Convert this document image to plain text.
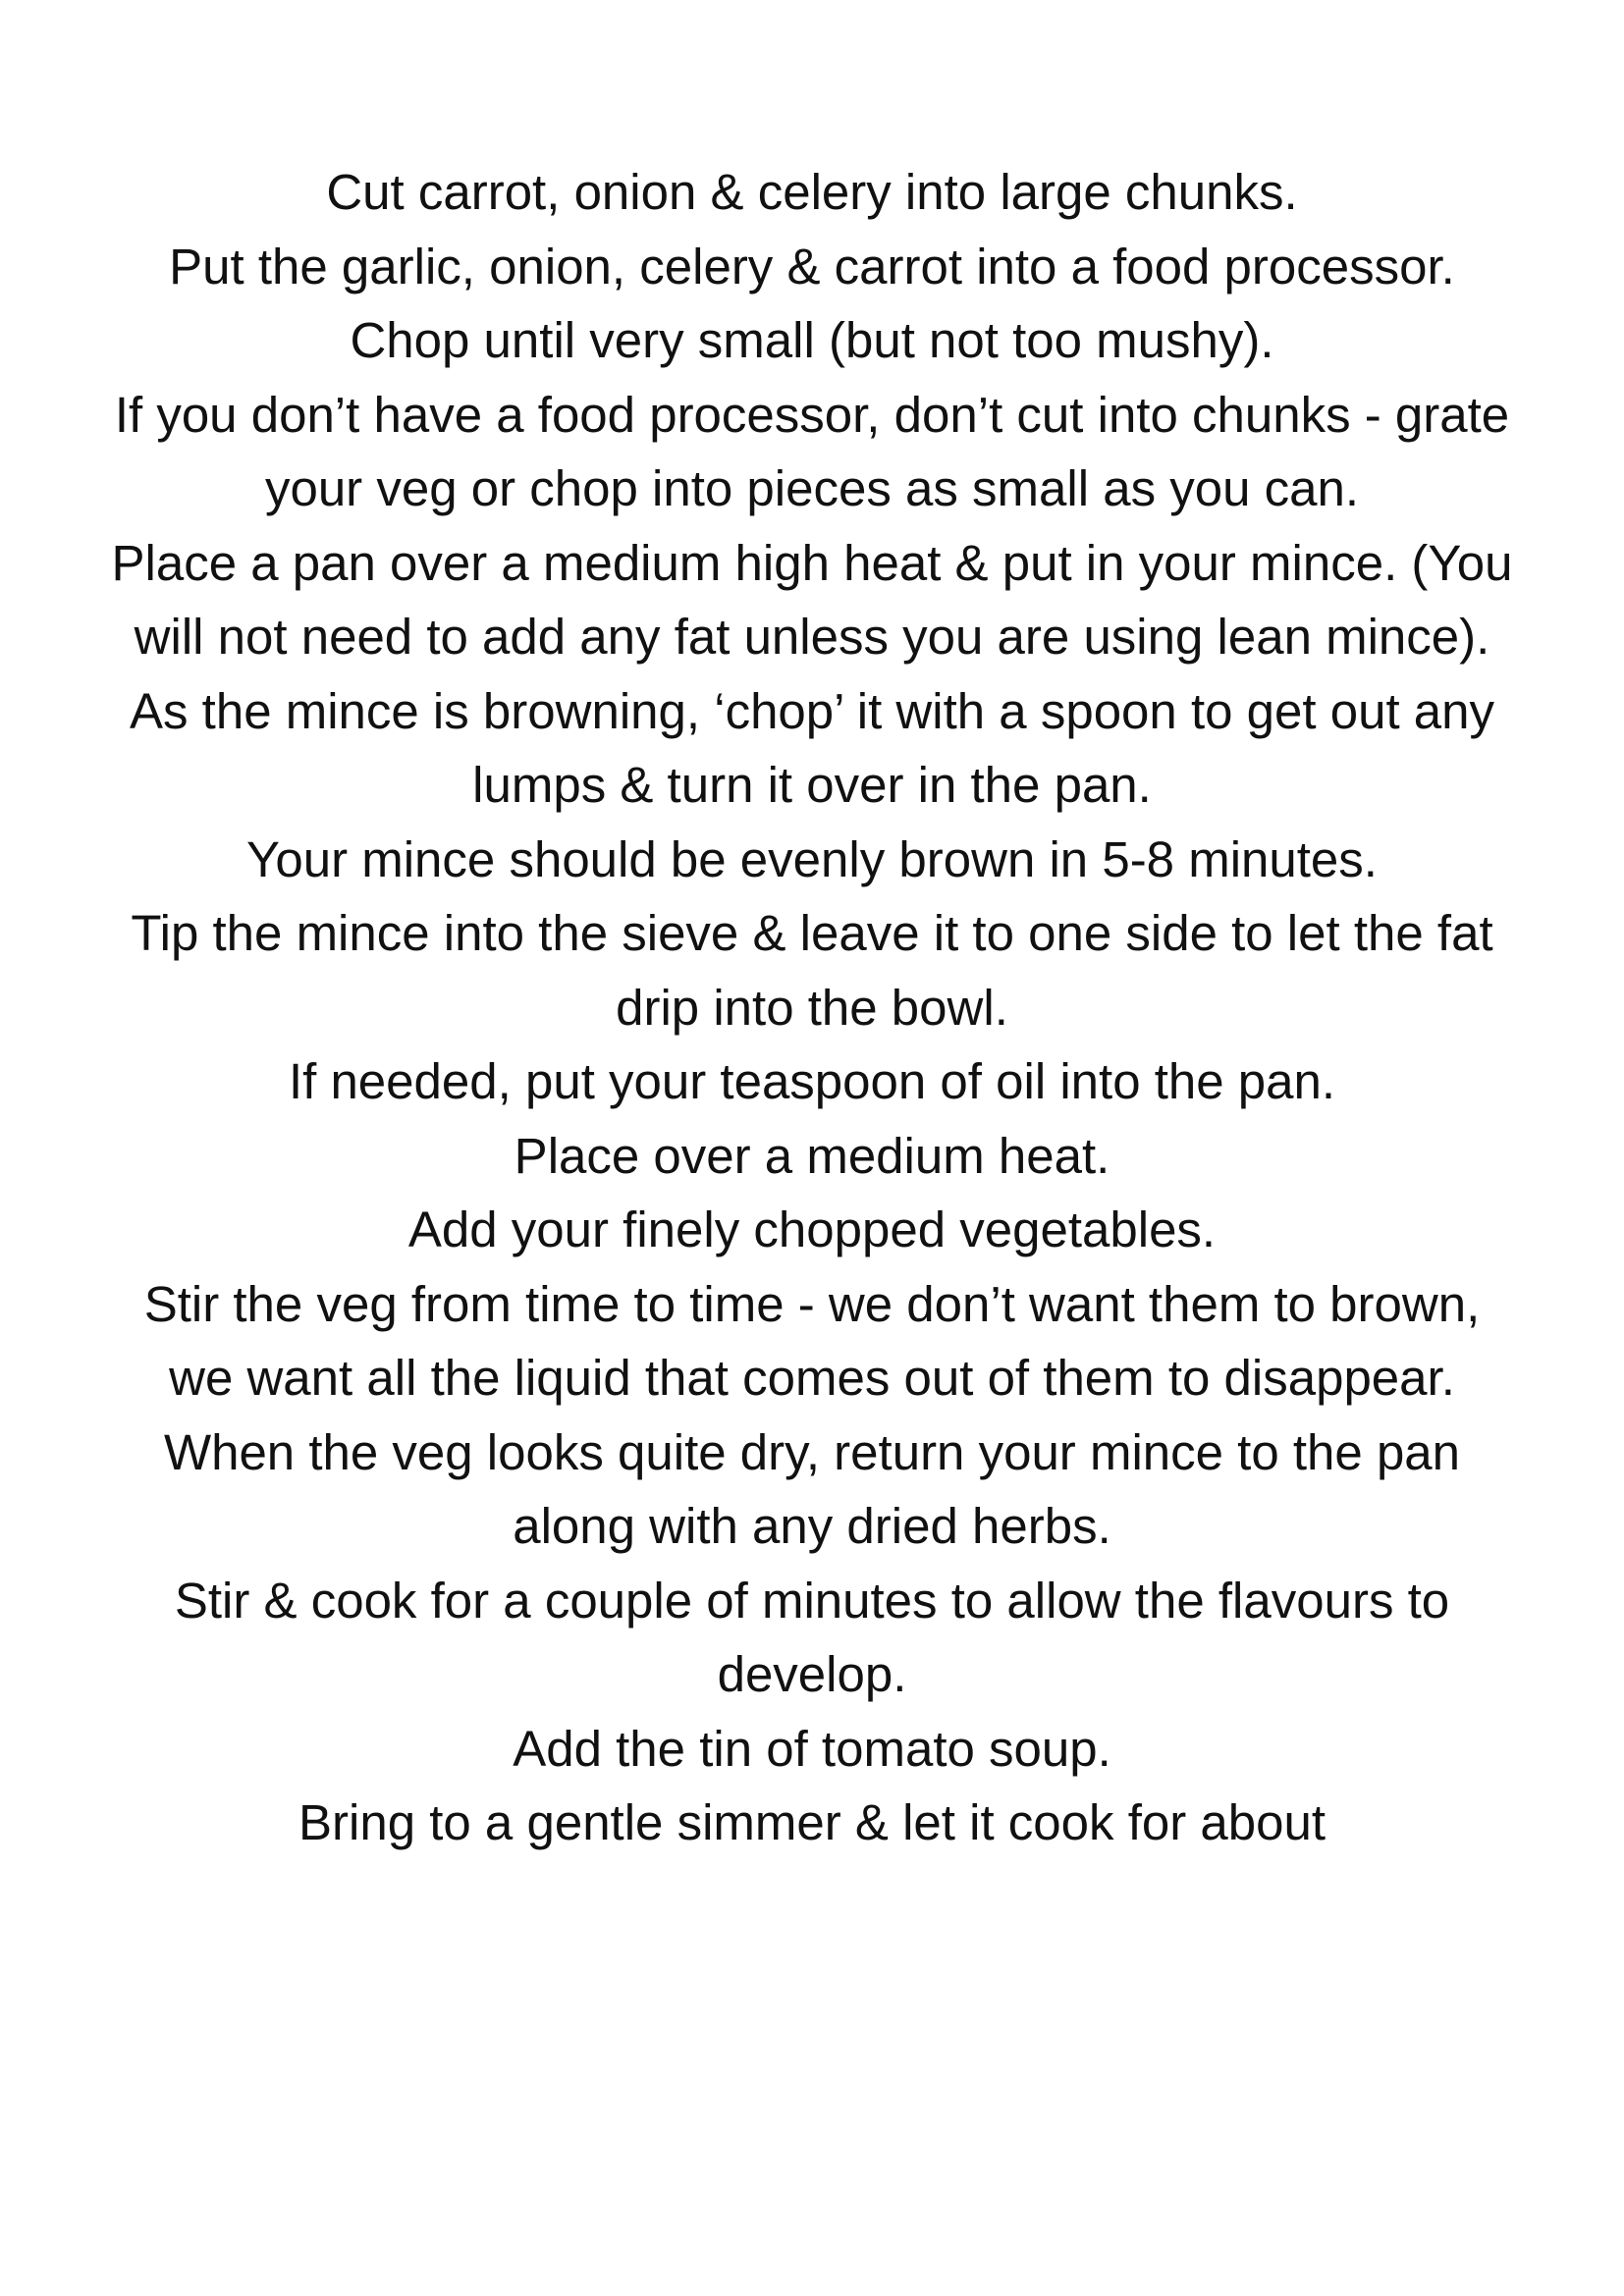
Cut carrot, onion & celery into large chunks.
Put the garlic, onion, celery & carrot into a food processor.
Chop until very small (but not too mushy).
If you don’t have a food processor, don’t cut into chunks - grate your veg or chop into pieces as small as you can.
Place a pan over a medium high heat & put in your mince. (You will not need to add any fat unless you are using lean mince).
As the mince is browning, ‘chop’ it with a spoon to get out any lumps & turn it over in the pan.
Your mince should be evenly brown in 5-8 minutes.
Tip the mince into the sieve & leave it to one side to let the fat drip into the bowl.
If needed, put your teaspoon of oil into the pan.
Place over a medium heat.
Add your finely chopped vegetables.
Stir the veg from time to time - we don’t want them to brown, we want all the liquid that comes out of them to disappear.
When the veg looks quite dry, return your mince to the pan along with any dried herbs.
Stir & cook for a couple of minutes to allow the flavours to develop.
Add the tin of tomato soup.
Bring to a gentle simmer & let it cook for about
